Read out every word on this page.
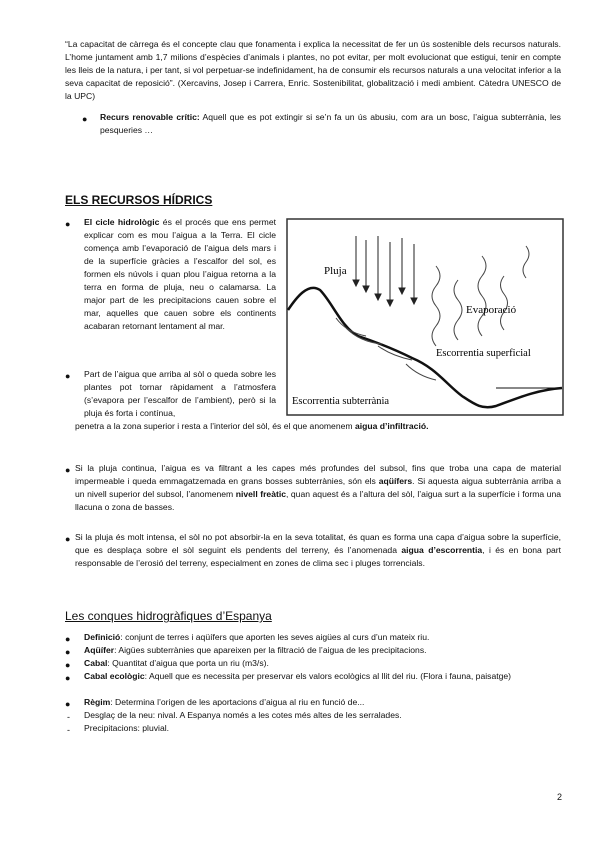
“La capacitat de càrrega és el concepte clau que fonamenta i explica la necessitat de fer un ús sostenible dels recursos naturals. L’home juntament amb 1,7 milions d’espècies d’animals i plantes, no pot evitar, per molt evolucionat que estigui, tenir en compte les lleis de la natura, i per tant, si vol perpetuar-se indefinidament, ha de consumir els recursos naturals a una velocitat inferior a la seva capacitat de reposició”. (Xercavins, Josep i Carrera, Enric. Sostenibilitat, globalització i medi ambient. Càtedra UNESCO de la UPC)
● Recurs renovable crític: Aquell que es pot extingir si se’n fa un ús abusiu, com ara un bosc, l’aigua subterrània, les pesqueries …
ELS RECURSOS HÍDRICS
● El cicle hidrològic és el procés que ens permet explicar com es mou l’aigua a la Terra. El cicle comença amb l’evaporació de l’aigua dels mars i de la superfície gràcies a l’escalfor del sol, es formen els núvols i quan plou l’aigua retorna a la terra en forma de pluja, neu o calamarsa. La major part de les precipitacions cauen sobre el mar, aquelles que cauen sobre els continents acabaran retornant lentament al mar.
● Part de l’aigua que arriba al sòl o queda sobre les plantes pot tornar ràpidament a l’atmosfera (s’evapora per l’escalfor de l’ambient), però si la pluja és forta i contínua,
penetra a la zona superior i resta a l’interior del sòl, és el que anomenem aigua d’infiltració.
Pluja
Evaporació
Escorrentia superficial
Escorrentia subterrània
● Si la pluja continua, l’aigua es va filtrant a les capes més profundes del subsol, fins que troba una capa de material impermeable i queda emmagatzemada en grans bosses subterrànies, són els aqüífers. Si aquesta aigua subterrània arriba a un nivell superior del subsol, l’anomenem nivell freàtic, quan aquest és a l’altura del sòl, l’aigua surt a la superfície i forma una llacuna o zona de basses.
● Si la pluja és molt intensa, el sòl no pot absorbir-la en la seva totalitat, és quan es forma una capa d’aigua sobre la superfície, que es desplaça sobre el sòl seguint els pendents del terreny, és l’anomenada aigua d’escorrentia, i és en bona part responsable de l’erosió del terreny, especialment en zones de clima sec i pluges torrencials.
Les conques hidrogràfiques d’Espanya
● Definició: conjunt de terres i aqüífers que aporten les seves aigües al curs d’un mateix riu.
● Aqüífer: Aigües subterrànies que apareixen per la filtració de l’aigua de les precipitacions.
● Cabal: Quantitat d’aigua que porta un riu (m3/s).
● Cabal ecològic: Aquell que es necessita per preservar els valors ecològics al llit del riu. (Flora i fauna, paisatge)
● Règim: Determina l’origen de les aportacions d’aigua al riu en funció de...
- Desglaç de la neu: nival. A Espanya només a les cotes més altes de les serralades.
- Precipitacions: pluvial.
2
